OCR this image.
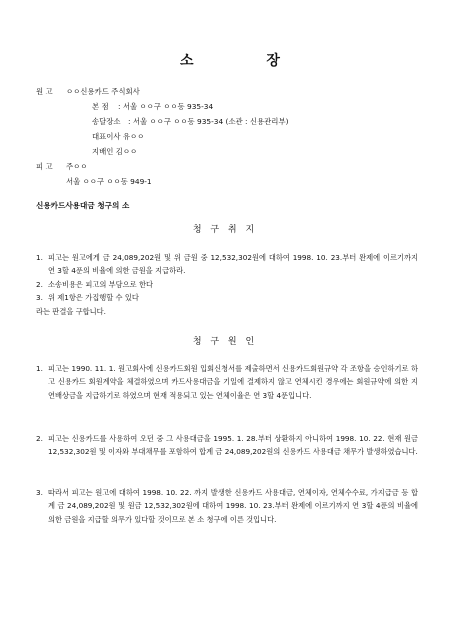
소 장
원 고 ㅇㅇ신용카드 주식회사
본 점 : 서울 ㅇㅇ구 ㅇㅇ동 935-34
송달장소 : 서울 ㅇㅇ구 ㅇㅇ동 935-34 (소관 : 신용관리부)
대표이사 유ㅇㅇ
지배인 김ㅇㅇ
피 고 주ㅇㅇ
서울 ㅇㅇ구 ㅇㅇ동 949-1
신용카드사용대금 청구의 소
청 구 취 지
1. 피고는 원고에게 금 24,089,202원 및 위 금원 중 12,532,302원에 대하여 1998. 10. 23.부터 완제에 이르기까지 연 3할 4푼의 비율에 의한 금원을 지급하라.
2. 소송비용은 피고의 부담으로 한다
3. 위 제1항은 가집행할 수 있다
라는 판결을 구합니다.
청 구 원 인
1. 피고는 1990. 11. 1. 원고회사에 신용카드회원 입회신청서를 제출하면서 신용카드회원규약 각 조항을 승인하기로 하고 신용카드 회원계약을 체결하였으며 카드사용대금을 기일에 결제하지 않고 연체시킨 경우에는 회원규약에 의한 지연배상금을 지급하기로 하였으며 현재 적용되고 있는 연체이율은 연 3할 4푼입니다.
2. 피고는 신용카드를 사용하여 오던 중 그 사용대금을 1995. 1. 28.부터 상환하지 아니하여 1998. 10. 22. 현재 원금 12,532,302원 및 이자와 부대채무를 포함하여 합계 금 24,089,202원의 신용카드 사용대금 채무가 발생하였습니다.
3. 따라서 피고는 원고에 대하여 1998. 10. 22. 까지 발생한 신용카드 사용대금, 연체이자, 연체수수료, 가지급금 등 합계 금 24,089,202원 및 원금 12,532,302원에 대하여 1998. 10. 23.부터 완제에 이르기까지 연 3할 4푼의 비율에 의한 금원을 지급할 의무가 있다할 것이므로 본 소 청구에 이른 것입니다.
